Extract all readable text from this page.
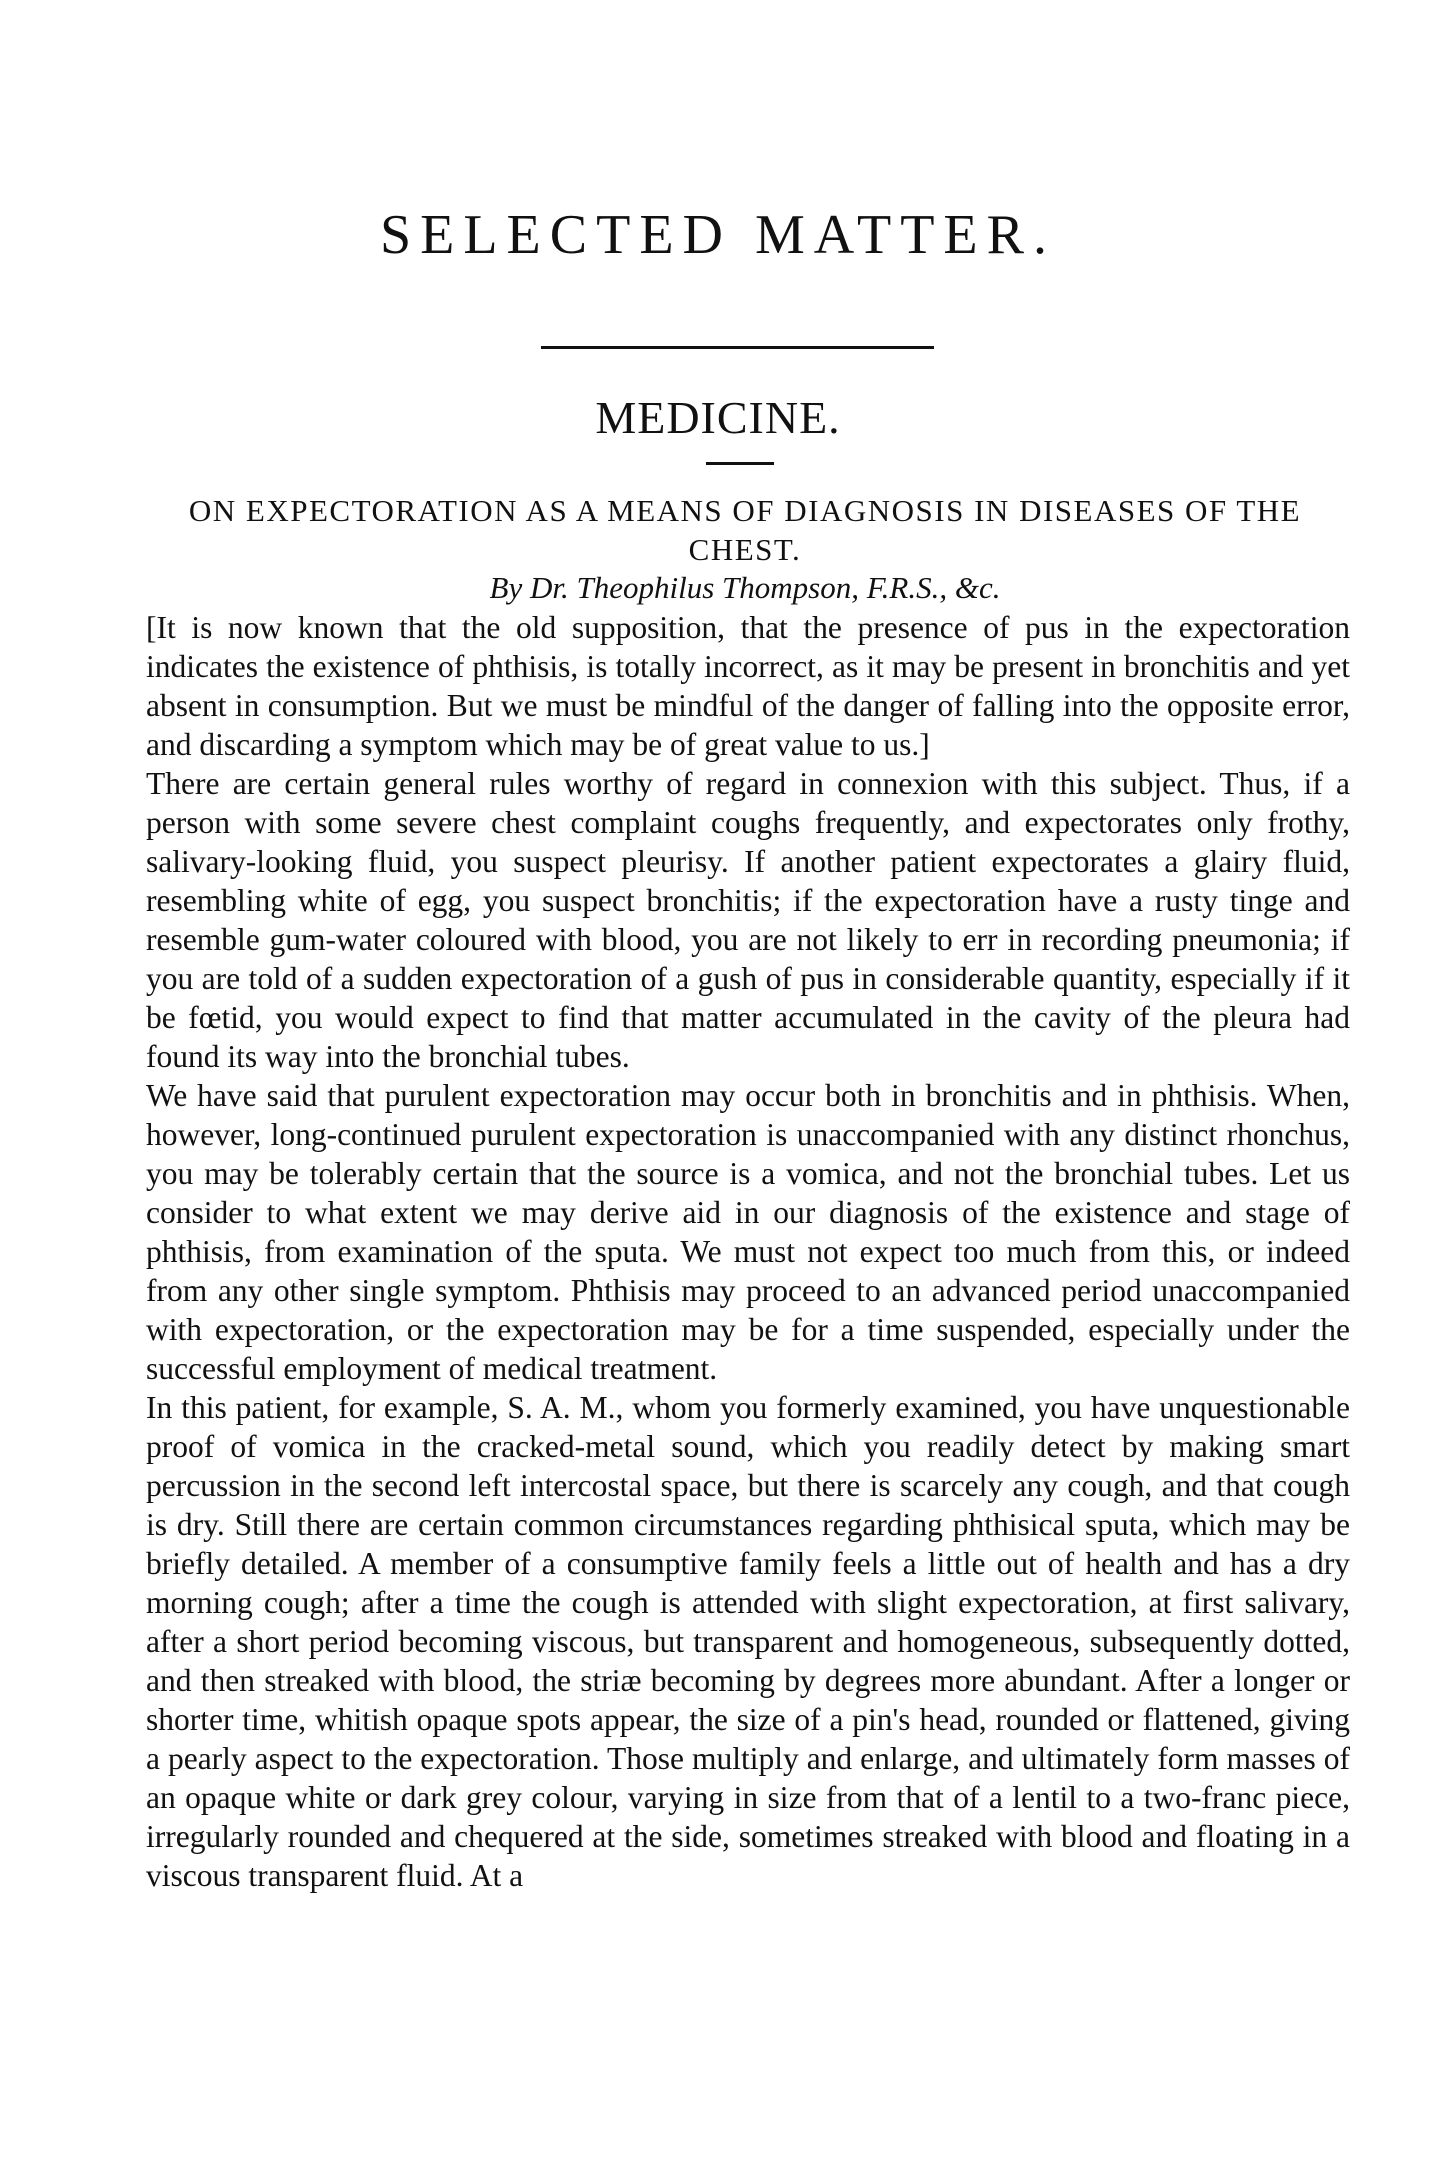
SELECTED MATTER.
MEDICINE.
ON EXPECTORATION AS A MEANS OF DIAGNOSIS IN DISEASES OF THE CHEST.

By Dr. Theophilus Thompson, F.R.S., &c.

[It is now known that the old supposition, that the presence of pus in the expectoration indicates the existence of phthisis, is totally incorrect, as it may be present in bronchitis and yet absent in consumption. But we must be mindful of the danger of falling into the opposite error, and discarding a symptom which may be of great value to us.]

There are certain general rules worthy of regard in connexion with this subject. Thus, if a person with some severe chest complaint coughs frequently, and expectorates only frothy, salivary-looking fluid, you suspect pleurisy. If another patient expectorates a glairy fluid, resembling white of egg, you suspect bronchitis; if the expectoration have a rusty tinge and resemble gum-water coloured with blood, you are not likely to err in recording pneumonia; if you are told of a sudden expectoration of a gush of pus in considerable quantity, especially if it be fœtid, you would expect to find that matter accumulated in the cavity of the pleura had found its way into the bronchial tubes.

We have said that purulent expectoration may occur both in bronchitis and in phthisis. When, however, long-continued purulent expectoration is unaccompanied with any distinct rhonchus, you may be tolerably certain that the source is a vomica, and not the bronchial tubes. Let us consider to what extent we may derive aid in our diagnosis of the existence and stage of phthisis, from examination of the sputa. We must not expect too much from this, or indeed from any other single symptom. Phthisis may proceed to an advanced period unaccompanied with expectoration, or the expectoration may be for a time suspended, especially under the successful employment of medical treatment.

In this patient, for example, S. A. M., whom you formerly examined, you have unquestionable proof of vomica in the cracked-metal sound, which you readily detect by making smart percussion in the second left intercostal space, but there is scarcely any cough, and that cough is dry. Still there are certain common circumstances regarding phthisical sputa, which may be briefly detailed. A member of a consumptive family feels a little out of health and has a dry morning cough; after a time the cough is attended with slight expectoration, at first salivary, after a short period becoming viscous, but transparent and homogeneous, subsequently dotted, and then streaked with blood, the striæ becoming by degrees more abundant. After a longer or shorter time, whitish opaque spots appear, the size of a pin's head, rounded or flattened, giving a pearly aspect to the expectoration. Those multiply and enlarge, and ultimately form masses of an opaque white or dark grey colour, varying in size from that of a lentil to a two-franc piece, irregularly rounded and chequered at the side, sometimes streaked with blood and floating in a viscous transparent fluid. At a
